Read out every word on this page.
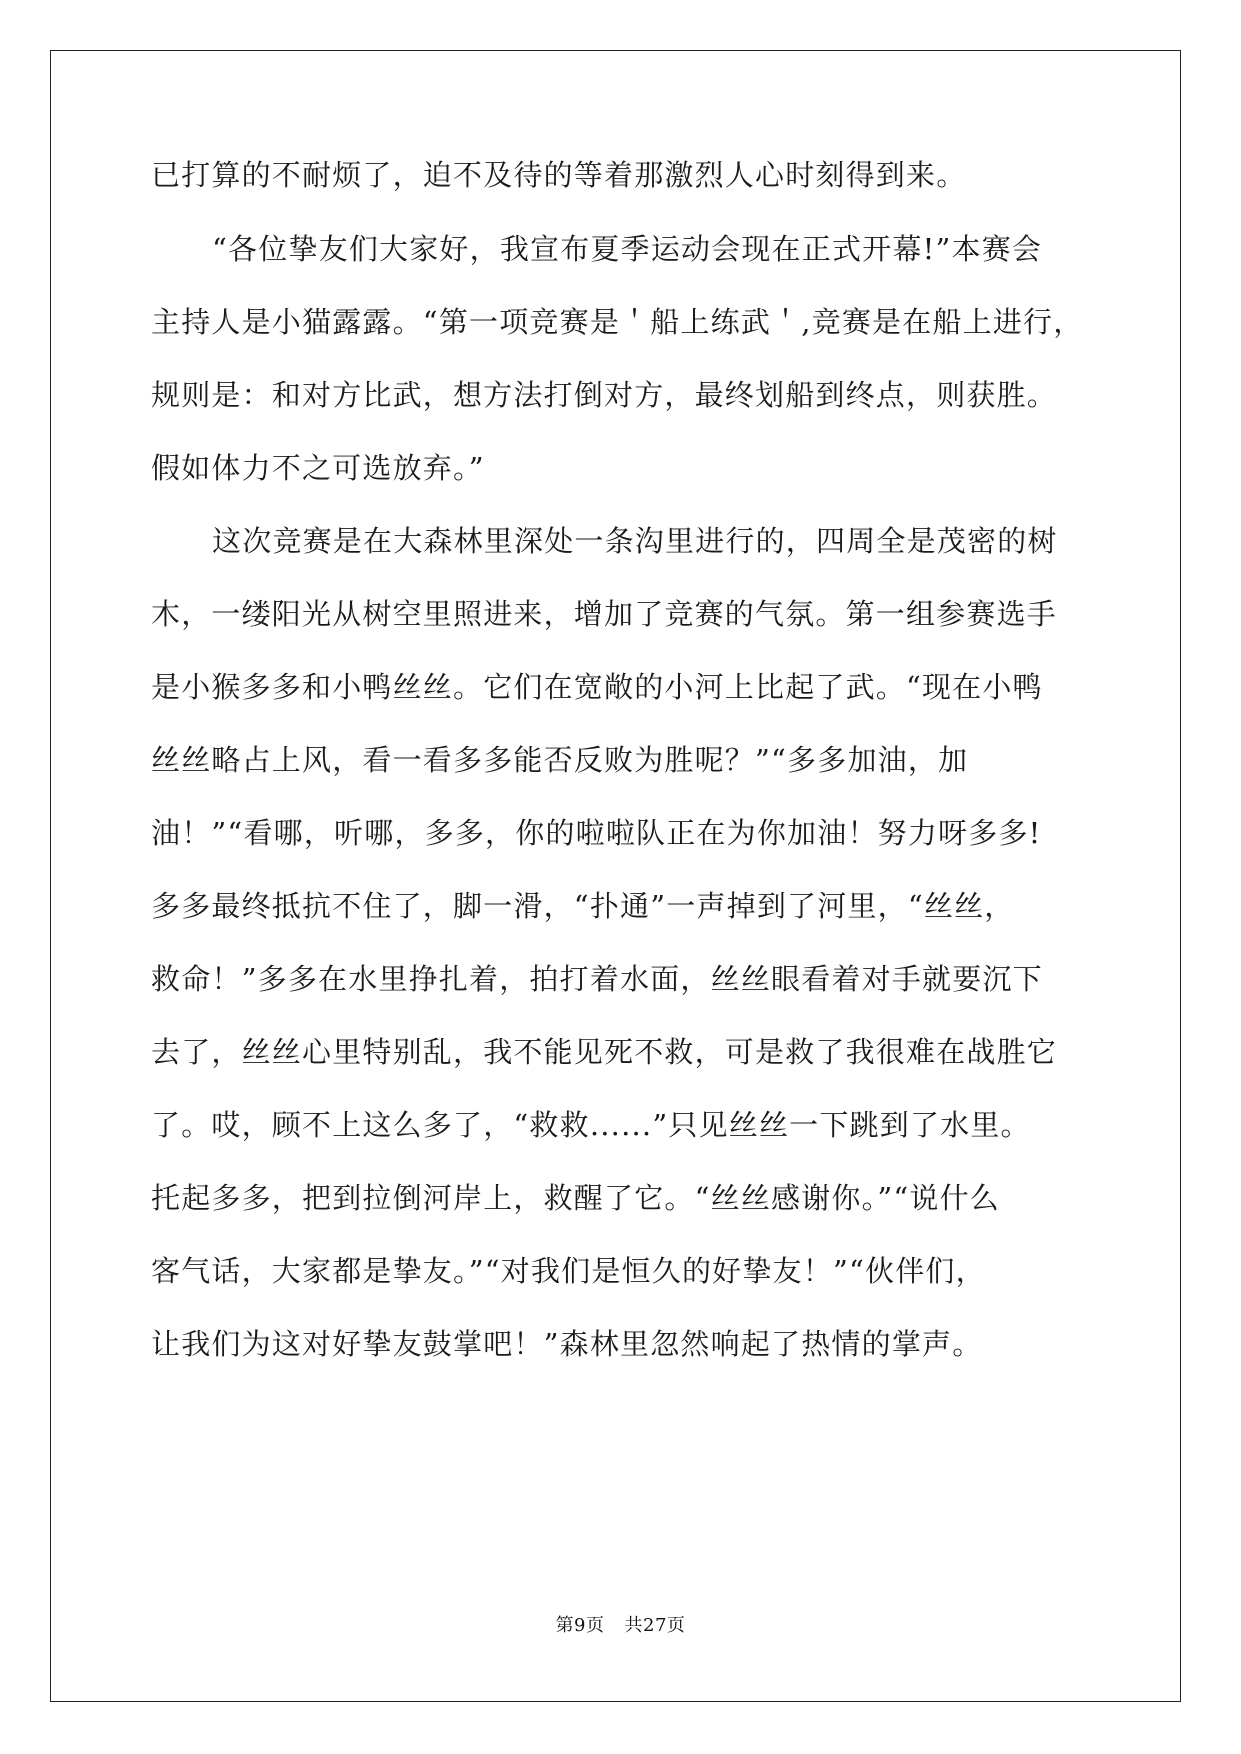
已打算的不耐烦了，迫不及待的等着那激烈人心时刻得到来。
“各位挚友们大家好，我宣布夏季运动会现在正式开幕!”本赛会
主持人是小猫露露。“第一项竞赛是＇船上练武＇,竞赛是在船上进行，
规则是：和对方比武，想方法打倒对方，最终划船到终点，则获胜。
假如体力不之可选放弃。”
这次竞赛是在大森林里深处一条沟里进行的，四周全是茂密的树
木，一缕阳光从树空里照进来，增加了竞赛的气氛。第一组参赛选手
是小猴多多和小鸭丝丝。它们在宽敞的小河上比起了武。“现在小鸭
丝丝略占上风，看一看多多能否反败为胜呢？”“多多加油，加
油！”“看哪，听哪，多多，你的啦啦队正在为你加油！努力呀多多!
多多最终抵抗不住了，脚一滑，“扑通”一声掉到了河里，“丝丝，
救命！”多多在水里挣扎着，拍打着水面，丝丝眼看着对手就要沉下
去了，丝丝心里特别乱，我不能见死不救，可是救了我很难在战胜它
了。哎，顾不上这么多了，“救救......”只见丝丝一下跳到了水里。
托起多多，把到拉倒河岸上，救醒了它。“丝丝感谢你。”“说什么
客气话，大家都是挚友。”“对我们是恒久的好挚友！”“伙伴们，
让我们为这对好挚友鼓掌吧！”森林里忽然响起了热情的掌声。
第9页 共27页
